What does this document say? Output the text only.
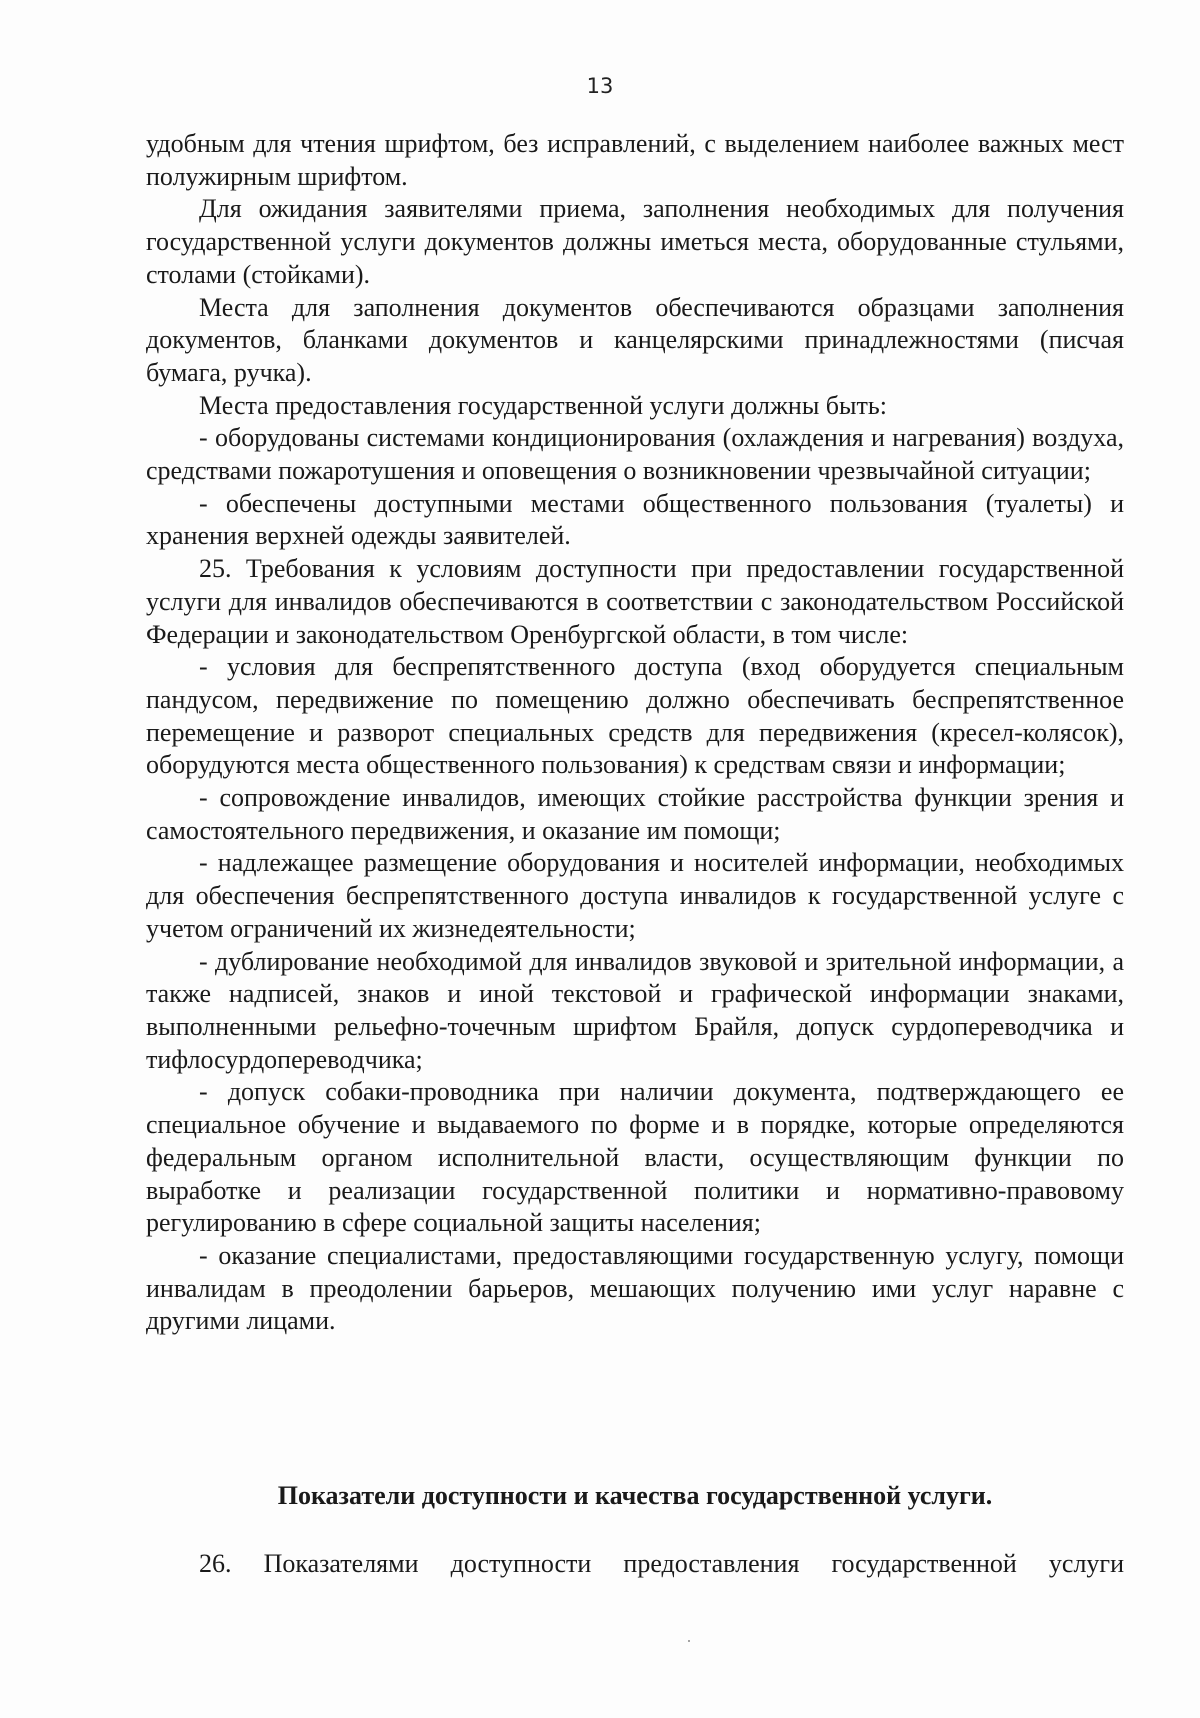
13

удобным для чтения шрифтом, без исправлений, с выделением наиболее важных мест полужирным шрифтом.

Для ожидания заявителями приема, заполнения необходимых для получения государственной услуги документов должны иметься места, оборудованные стульями, столами (стойками).

Места для заполнения документов обеспечиваются образцами заполнения документов, бланками документов и канцелярскими принадлежностями (писчая бумага, ручка).

Места предоставления государственной услуги должны быть:

- оборудованы системами кондиционирования (охлаждения и нагревания) воздуха, средствами пожаротушения и оповещения о возникновении чрезвычайной ситуации;

- обеспечены доступными местами общественного пользования (туалеты) и хранения верхней одежды заявителей.

25. Требования к условиям доступности при предоставлении государственной услуги для инвалидов обеспечиваются в соответствии с законодательством Российской Федерации и законодательством Оренбургской области, в том числе:

- условия для беспрепятственного доступа (вход оборудуется специальным пандусом, передвижение по помещению должно обеспечивать беспрепятственное перемещение и разворот специальных средств для передвижения (кресел-колясок), оборудуются места общественного пользования) к средствам связи и информации;

- сопровождение инвалидов, имеющих стойкие расстройства функции зрения и самостоятельного передвижения, и оказание им помощи;

- надлежащее размещение оборудования и носителей информации, необходимых для обеспечения беспрепятственного доступа инвалидов к государственной услуге с учетом ограничений их жизнедеятельности;

- дублирование необходимой для инвалидов звуковой и зрительной информации, а также надписей, знаков и иной текстовой и графической информации знаками, выполненными рельефно-точечным шрифтом Брайля, допуск сурдопереводчика и тифлосурдопереводчика;

- допуск собаки-проводника при наличии документа, подтверждающего ее специальное обучение и выдаваемого по форме и в порядке, которые определяются федеральным органом исполнительной власти, осуществляющим функции по выработке и реализации государственной политики и нормативно-правовому регулированию в сфере социальной защиты населения;

- оказание специалистами, предоставляющими государственную услугу, помощи инвалидам в преодолении барьеров, мешающих получению ими услуг наравне с другими лицами.

Показатели доступности и качества государственной услуги.
26. Показателями доступности предоставления государственной услуги
